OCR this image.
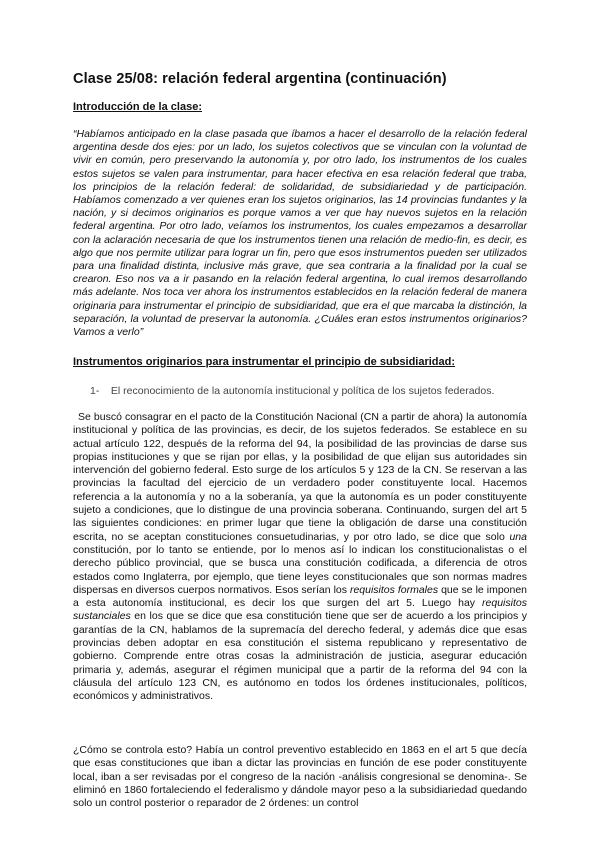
Clase 25/08: relación federal argentina (continuación)
Introducción de la clase:

“Habíamos anticipado en la clase pasada que íbamos a hacer el desarrollo de la relación federal argentina desde dos ejes: por un lado, los sujetos colectivos que se vinculan con la voluntad de vivir en común, pero preservando la autonomía y, por otro lado, los instrumentos de los cuales estos sujetos se valen para instrumentar, para hacer efectiva en esa relación federal que traba, los principios de la relación federal: de solidaridad, de subsidiariedad y de participación. Habíamos comenzado a ver quienes eran los sujetos originarios, las 14 provincias fundantes y la nación, y si decimos originarios es porque vamos a ver que hay nuevos sujetos en la relación federal argentina. Por otro lado, veíamos los instrumentos, los cuales empezamos a desarrollar con la aclaración necesaria de que los instrumentos tienen una relación de medio-fin, es decir, es algo que nos permite utilizar para lograr un fin, pero que esos instrumentos pueden ser utilizados para una finalidad distinta, inclusive más grave, que sea contraria a la finalidad por la cual se crearon. Eso nos va a ir pasando en la relación federal argentina, lo cual iremos desarrollando más adelante. Nos toca ver ahora los instrumentos establecidos en la relación federal de manera originaria para instrumentar el principio de subsidiaridad, que era el que marcaba la distinción, la separación, la voluntad de preservar la autonomía. ¿Cuáles eran estos instrumentos originarios? Vamos a verlo”

Instrumentos originarios para instrumentar el principio de subsidiaridad:

1- El reconocimiento de la autonomía institucional y política de los sujetos federados.

Se buscó consagrar en el pacto de la Constitución Nacional (CN a partir de ahora) la autonomía institucional y política de las provincias, es decir, de los sujetos federados. Se establece en su actual artículo 122, después de la reforma del 94, la posibilidad de las provincias de darse sus propias instituciones y que se rijan por ellas, y la posibilidad de que elijan sus autoridades sin intervención del gobierno federal. Esto surge de los artículos 5 y 123 de la CN. Se reservan a las provincias la facultad del ejercicio de un verdadero poder constituyente local. Hacemos referencia a la autonomía y no a la soberanía, ya que la autonomía es un poder constituyente sujeto a condiciones, que lo distingue de una provincia soberana. Continuando, surgen del art 5 las siguientes condiciones: en primer lugar que tiene la obligación de darse una constitución escrita, no se aceptan constituciones consuetudinarias, y por otro lado, se dice que solo una constitución, por lo tanto se entiende, por lo menos así lo indican los constitucionalistas o el derecho público provincial, que se busca una constitución codificada, a diferencia de otros estados como Inglaterra, por ejemplo, que tiene leyes constitucionales que son normas madres dispersas en diversos cuerpos normativos. Esos serían los requisitos formales que se le imponen a esta autonomía institucional, es decir los que surgen del art 5. Luego hay requisitos sustanciales en los que se dice que esa constitución tiene que ser de acuerdo a los principios y garantías de la CN, hablamos de la supremacía del derecho federal, y además dice que esas provincias deben adoptar en esa constitución el sistema republicano y representativo de gobierno. Comprende entre otras cosas la administración de justicia, asegurar educación primaria y, además, asegurar el régimen municipal que a partir de la reforma del 94 con la cláusula del artículo 123 CN, es autónomo en todos los órdenes institucionales, políticos, económicos y administrativos.

¿Cómo se controla esto? Había un control preventivo establecido en 1863 en el art 5 que decía que esas constituciones que iban a dictar las provincias en función de ese poder constituyente local, iban a ser revisadas por el congreso de la nación -análisis congresional se denomina-. Se eliminó en 1860 fortaleciendo el federalismo y dándole mayor peso a la subsidiariedad quedando solo un control posterior o reparador de 2 órdenes: un control
